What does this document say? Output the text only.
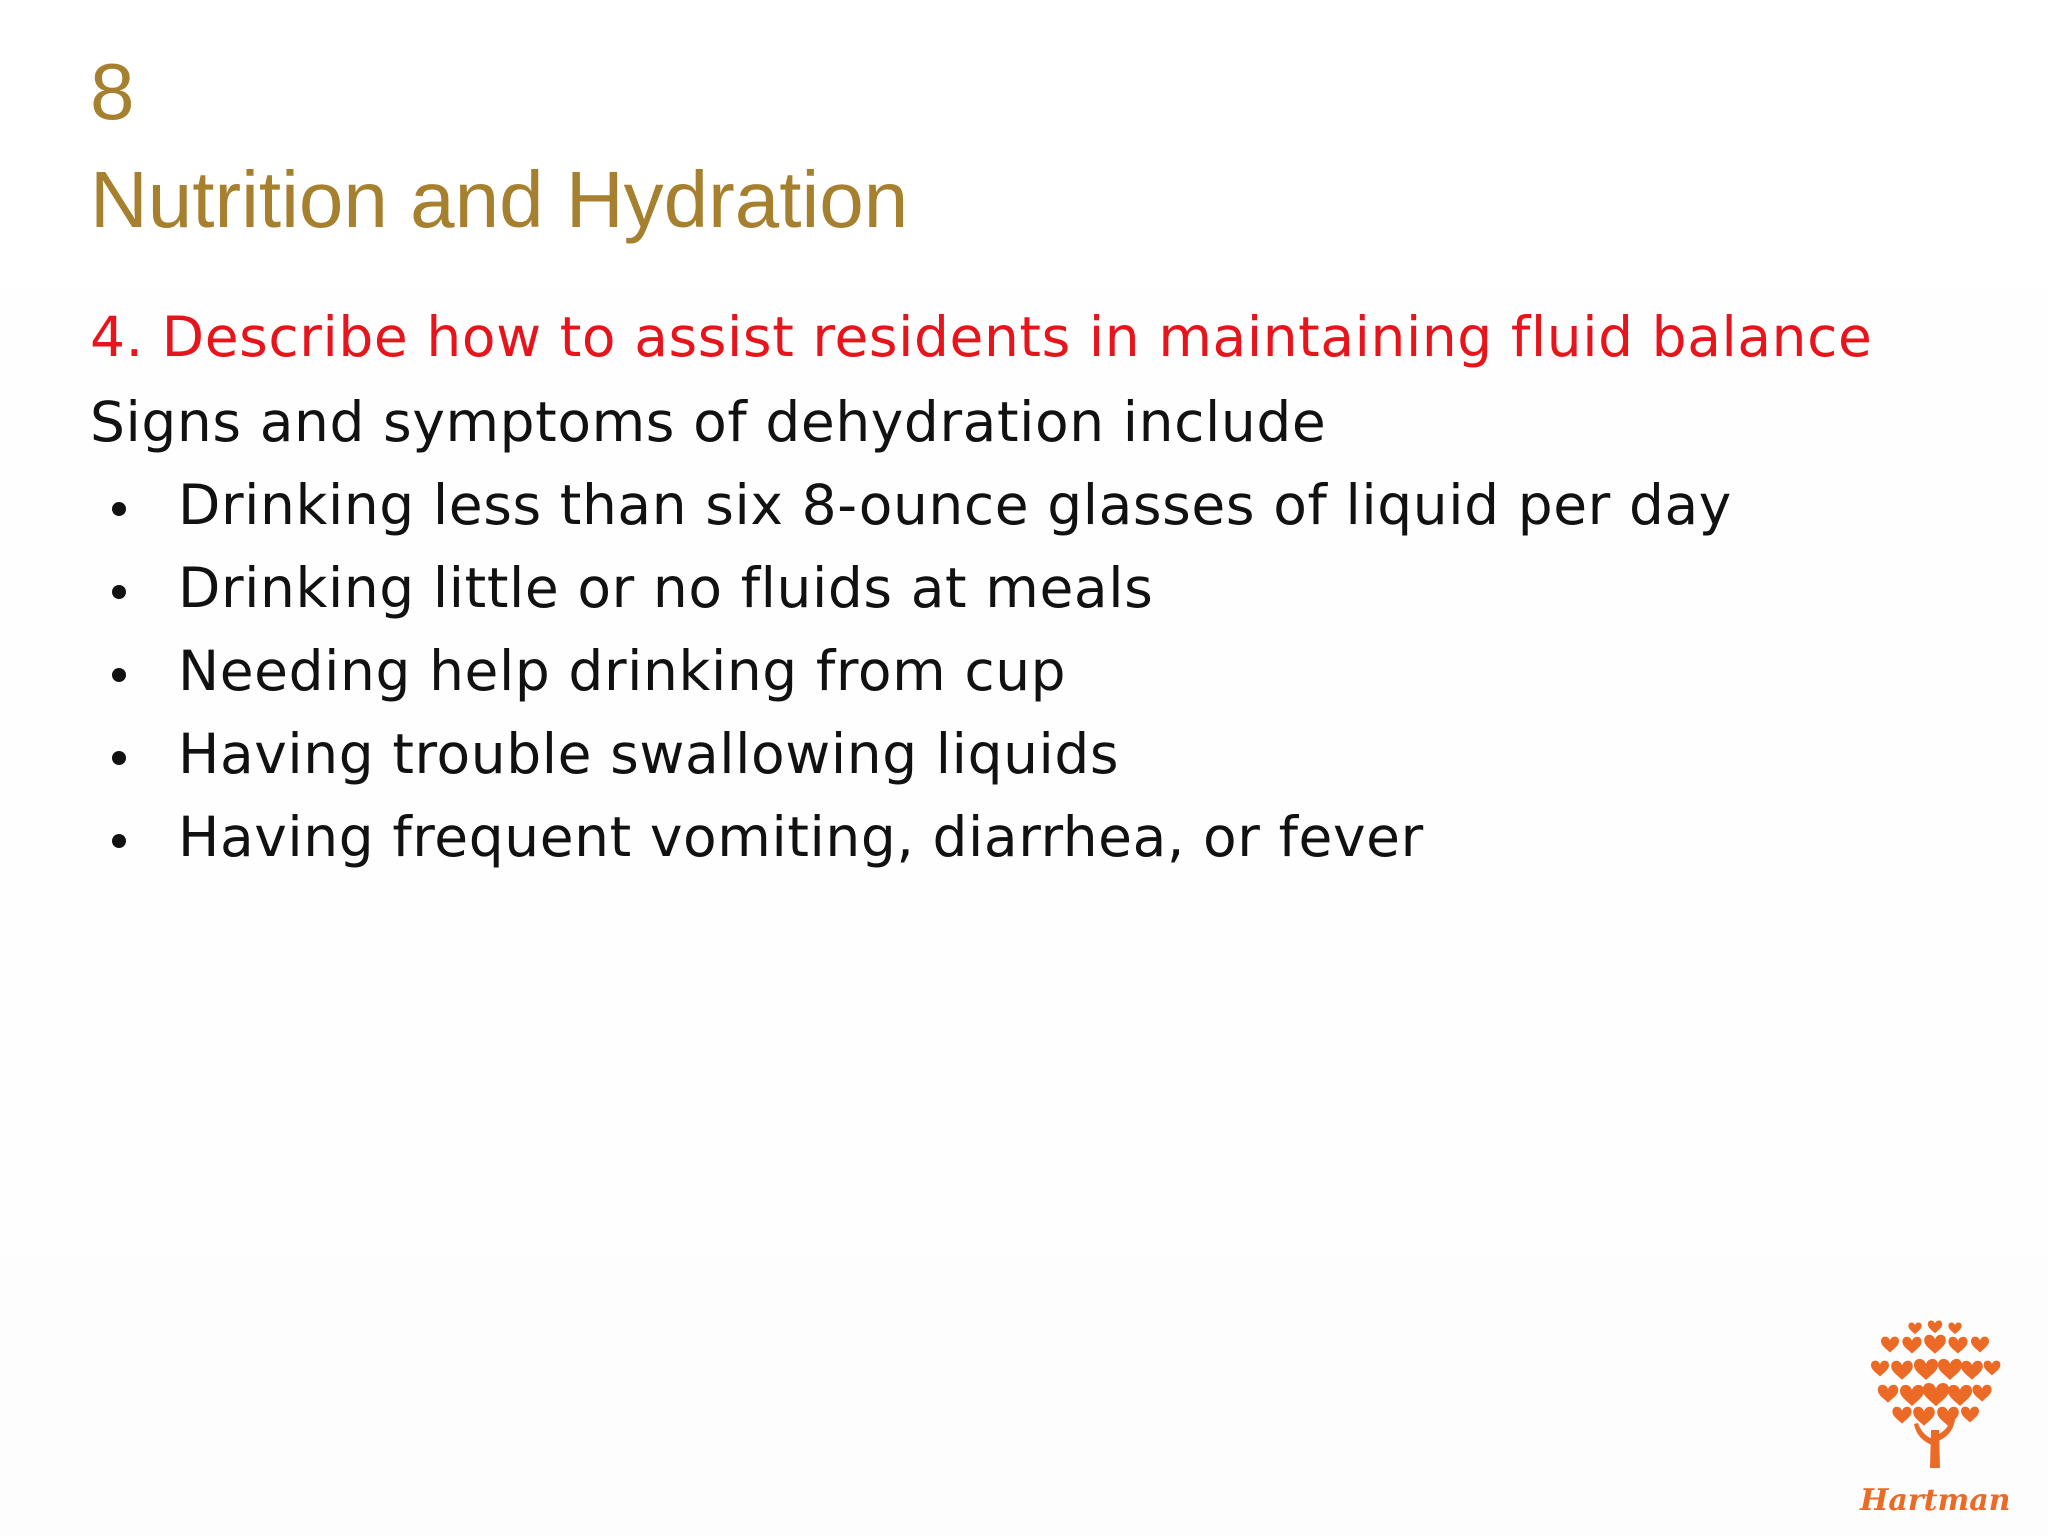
8
Nutrition and Hydration
4. Describe how to assist residents in maintaining fluid balance
Signs and symptoms of dehydration include
Drinking less than six 8-ounce glasses of liquid per day
Drinking little or no fluids at meals
Needing help drinking from cup
Having trouble swallowing liquids
Having frequent vomiting, diarrhea, or fever
Hartman
